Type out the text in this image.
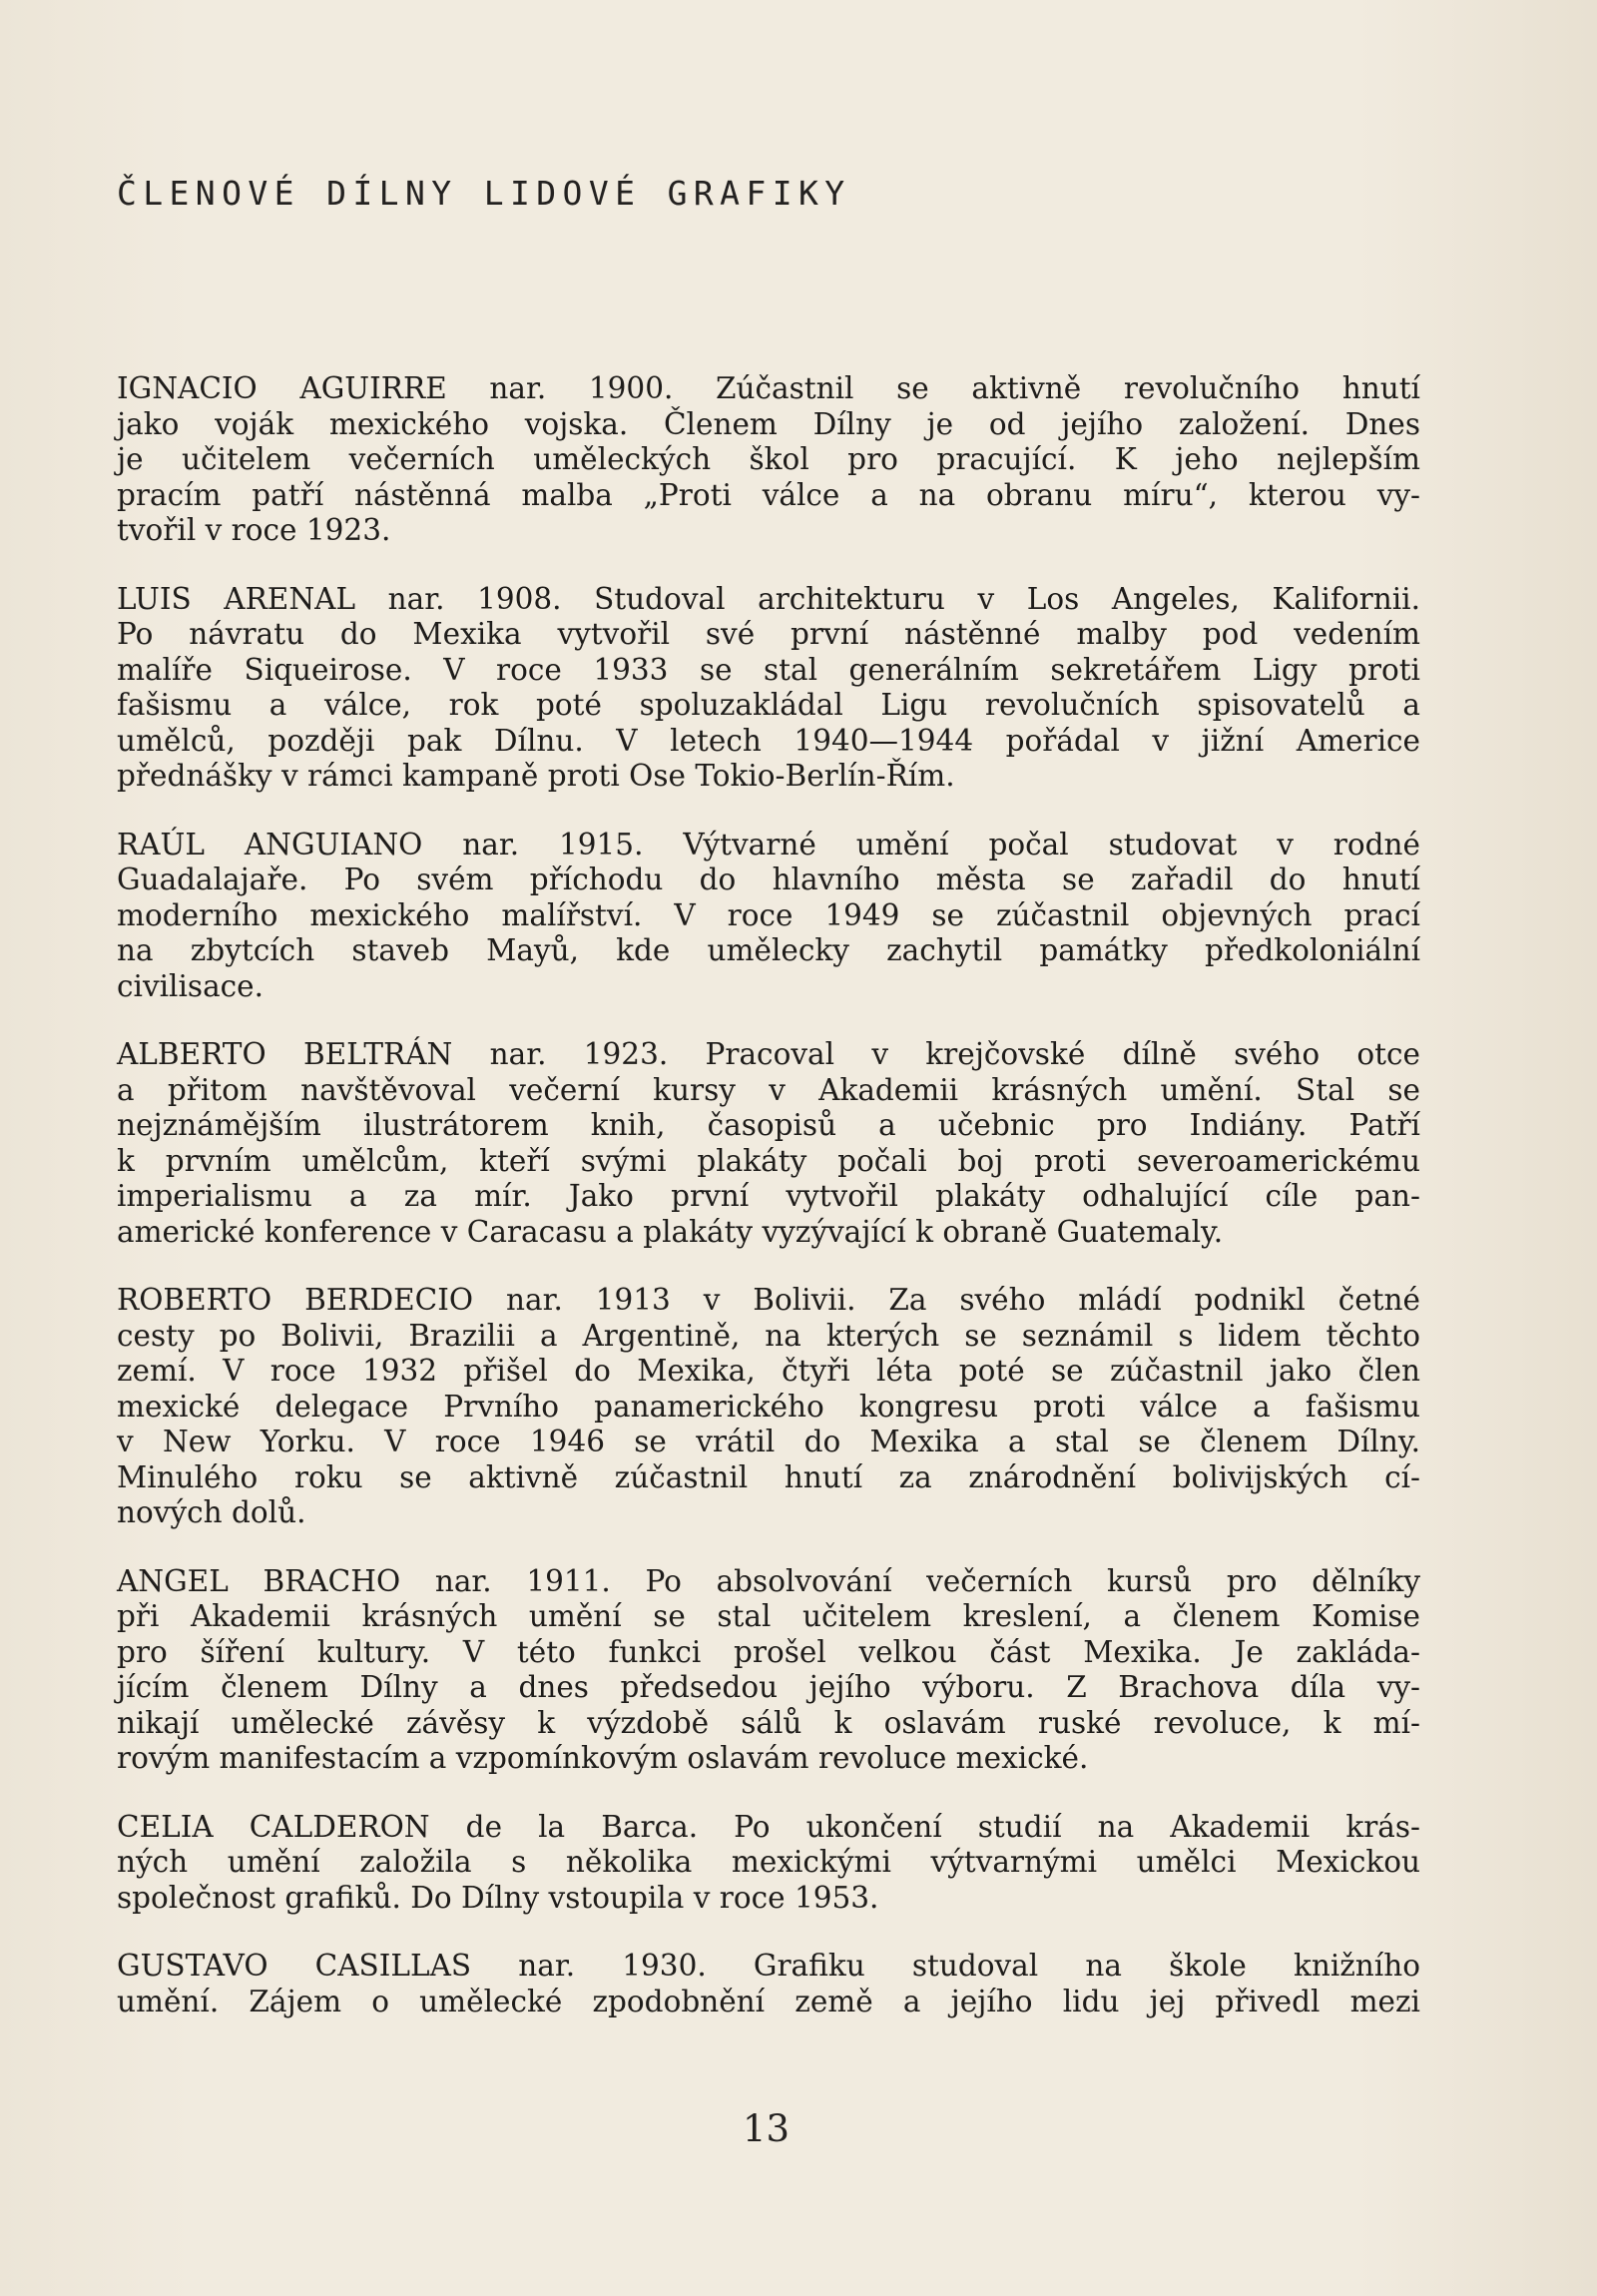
ČLENOVÉ DÍLNY LIDOVÉ GRAFIKY
IGNACIO AGUIRRE nar. 1900. Zúčastnil se aktivně revolučního hnutí
jako voják mexického vojska. Členem Dílny je od jejího založení. Dnes
je učitelem večerních uměleckých škol pro pracující. K jeho nejlepším
pracím patří nástěnná malba „Proti válce a na obranu míru“, kterou vy-
tvořil v roce 1923.
LUIS ARENAL nar. 1908. Studoval architekturu v Los Angeles, Kalifornii.
Po návratu do Mexika vytvořil své první nástěnné malby pod vedením
malíře Siqueirose. V roce 1933 se stal generálním sekretářem Ligy proti
fašismu a válce, rok poté spoluzakládal Ligu revolučních spisovatelů a
umělců, později pak Dílnu. V letech 1940—1944 pořádal v jižní Americe
přednášky v rámci kampaně proti Ose Tokio-Berlín-Řím.
RAÚL ANGUIANO nar. 1915. Výtvarné umění počal studovat v rodné
Guadalajaře. Po svém příchodu do hlavního města se zařadil do hnutí
moderního mexického malířství. V roce 1949 se zúčastnil objevných prací
na zbytcích staveb Mayů, kde umělecky zachytil památky předkoloniální
civilisace.
ALBERTO BELTRÁN nar. 1923. Pracoval v krejčovské dílně svého otce
a přitom navštěvoval večerní kursy v Akademii krásných umění. Stal se
nejznámějším ilustrátorem knih, časopisů a učebnic pro Indiány. Patří
k prvním umělcům, kteří svými plakáty počali boj proti severoamerickému
imperialismu a za mír. Jako první vytvořil plakáty odhalující cíle pan-
americké konference v Caracasu a plakáty vyzývající k obraně Guatemaly.
ROBERTO BERDECIO nar. 1913 v Bolivii. Za svého mládí podnikl četné
cesty po Bolivii, Brazilii a Argentině, na kterých se seznámil s lidem těchto
zemí. V roce 1932 přišel do Mexika, čtyři léta poté se zúčastnil jako člen
mexické delegace Prvního panamerického kongresu proti válce a fašismu
v New Yorku. V roce 1946 se vrátil do Mexika a stal se členem Dílny.
Minulého roku se aktivně zúčastnil hnutí za znárodnění bolivijských cí-
nových dolů.
ANGEL BRACHO nar. 1911. Po absolvování večerních kursů pro dělníky
při Akademii krásných umění se stal učitelem kreslení, a členem Komise
pro šíření kultury. V této funkci prošel velkou část Mexika. Je zakláda-
jícím členem Dílny a dnes předsedou jejího výboru. Z Brachova díla vy-
nikají umělecké závěsy k výzdobě sálů k oslavám ruské revoluce, k mí-
rovým manifestacím a vzpomínkovým oslavám revoluce mexické.
CELIA CALDERON de la Barca. Po ukončení studií na Akademii krás-
ných umění založila s několika mexickými výtvarnými umělci Mexickou
společnost grafiků. Do Dílny vstoupila v roce 1953.
GUSTAVO CASILLAS nar. 1930. Grafiku studoval na škole knižního
umění. Zájem o umělecké zpodobnění země a jejího lidu jej přivedl mezi
13
